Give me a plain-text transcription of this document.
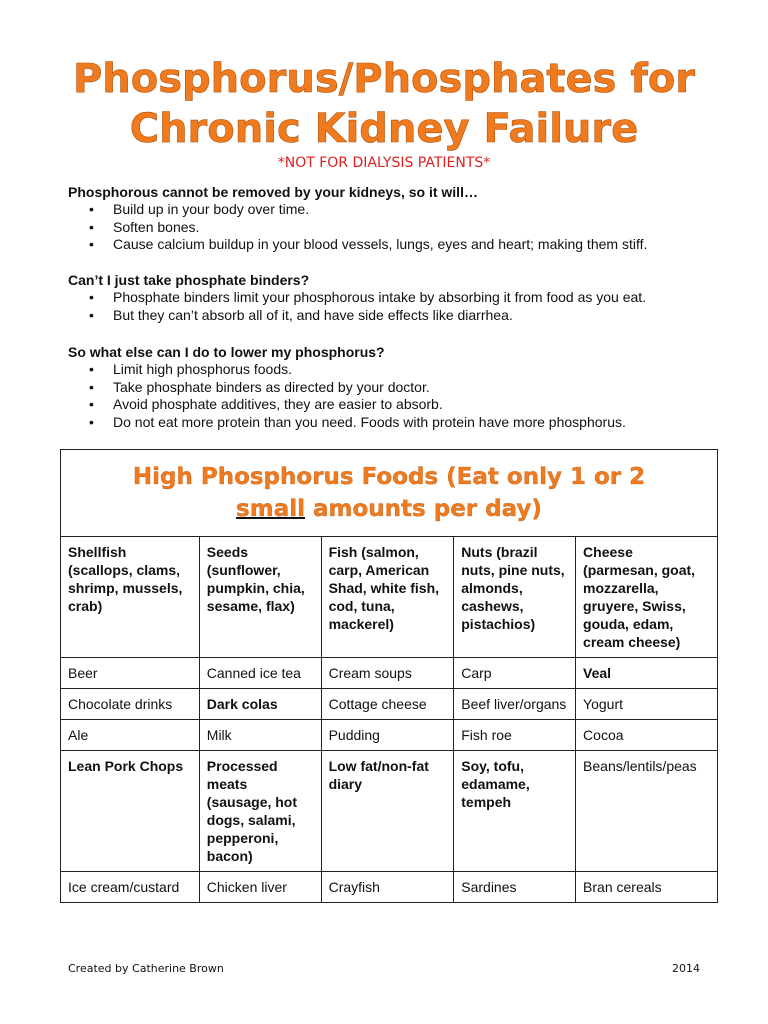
Phosphorus/Phosphates for
Chronic Kidney Failure
*NOT FOR DIALYSIS PATIENTS*
Phosphorous cannot be removed by your kidneys, so it will…
• Build up in your body over time.
• Soften bones.
• Cause calcium buildup in your blood vessels, lungs, eyes and heart; making them stiff.
Can’t I just take phosphate binders?
• Phosphate binders limit your phosphorous intake by absorbing it from food as you eat.
• But they can’t absorb all of it, and have side effects like diarrhea.
So what else can I do to lower my phosphorus?
• Limit high phosphorus foods.
• Take phosphate binders as directed by your doctor.
• Avoid phosphate additives, they are easier to absorb.
• Do not eat more protein than you need. Foods with protein have more phosphorus.
High Phosphorus Foods (Eat only 1 or 2
small amounts per day)				

Shellfish (scallops, clams, shrimp, mussels, crab)	Seeds (sunflower, pumpkin, chia, sesame, flax)	Fish (salmon, carp, American Shad, white fish, cod, tuna, mackerel)	Nuts (brazil nuts, pine nuts, almonds, cashews, pistachios)	Cheese (parmesan, goat, mozzarella, gruyere, Swiss, gouda, edam, cream cheese)
Beer	Canned ice tea	Cream soups	Carp	Veal
Chocolate drinks	Dark colas	Cottage cheese	Beef liver/organs	Yogurt
Ale	Milk	Pudding	Fish roe	Cocoa
Lean Pork Chops	Processed meats (sausage, hot dogs, salami, pepperoni, bacon)	Low fat/non-fat diary	Soy, tofu, edamame, tempeh	Beans/lentils/peas
Ice cream/custard	Chicken liver	Crayfish	Sardines	Bran cereals
Created by Catherine Brown	2014
